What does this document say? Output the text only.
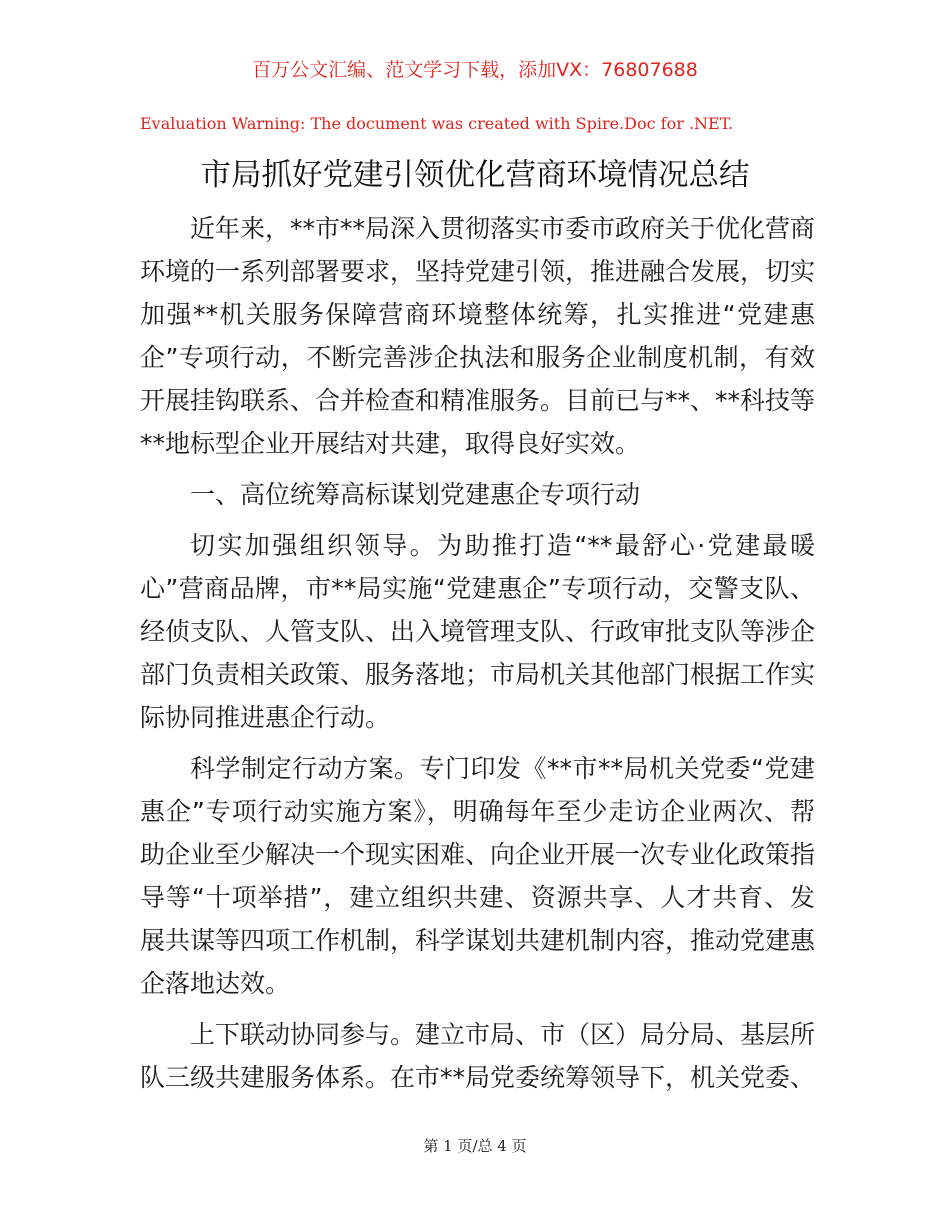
百万公文汇编、范文学习下载，添加VX：76807688
Evaluation Warning: The document was created with Spire.Doc for .NET.
市局抓好党建引领优化营商环境情况总结

近年来，**市**局深入贯彻落实市委市政府关于优化营商环境的一系列部署要求，坚持党建引领，推进融合发展，切实加强**机关服务保障营商环境整体统筹，扎实推进“党建惠企”专项行动，不断完善涉企执法和服务企业制度机制，有效开展挂钩联系、合并检查和精准服务。目前已与**、**科技等**地标型企业开展结对共建，取得良好实效。

一、高位统筹高标谋划党建惠企专项行动

切实加强组织领导。为助推打造“**最舒心·党建最暖心”营商品牌，市**局实施“党建惠企”专项行动，交警支队、经侦支队、人管支队、出入境管理支队、行政审批支队等涉企部门负责相关政策、服务落地；市局机关其他部门根据工作实际协同推进惠企行动。

科学制定行动方案。专门印发《**市**局机关党委“党建惠企”专项行动实施方案》，明确每年至少走访企业两次、帮助企业至少解决一个现实困难、向企业开展一次专业化政策指导等“十项举措”，建立组织共建、资源共享、人才共育、发展共谋等四项工作机制，科学谋划共建机制内容，推动党建惠企落地达效。

上下联动协同参与。建立市局、市（区）局分局、基层所队三级共建服务体系。在市**局党委统筹领导下，机关党委、

第 1 页/总 4 页
